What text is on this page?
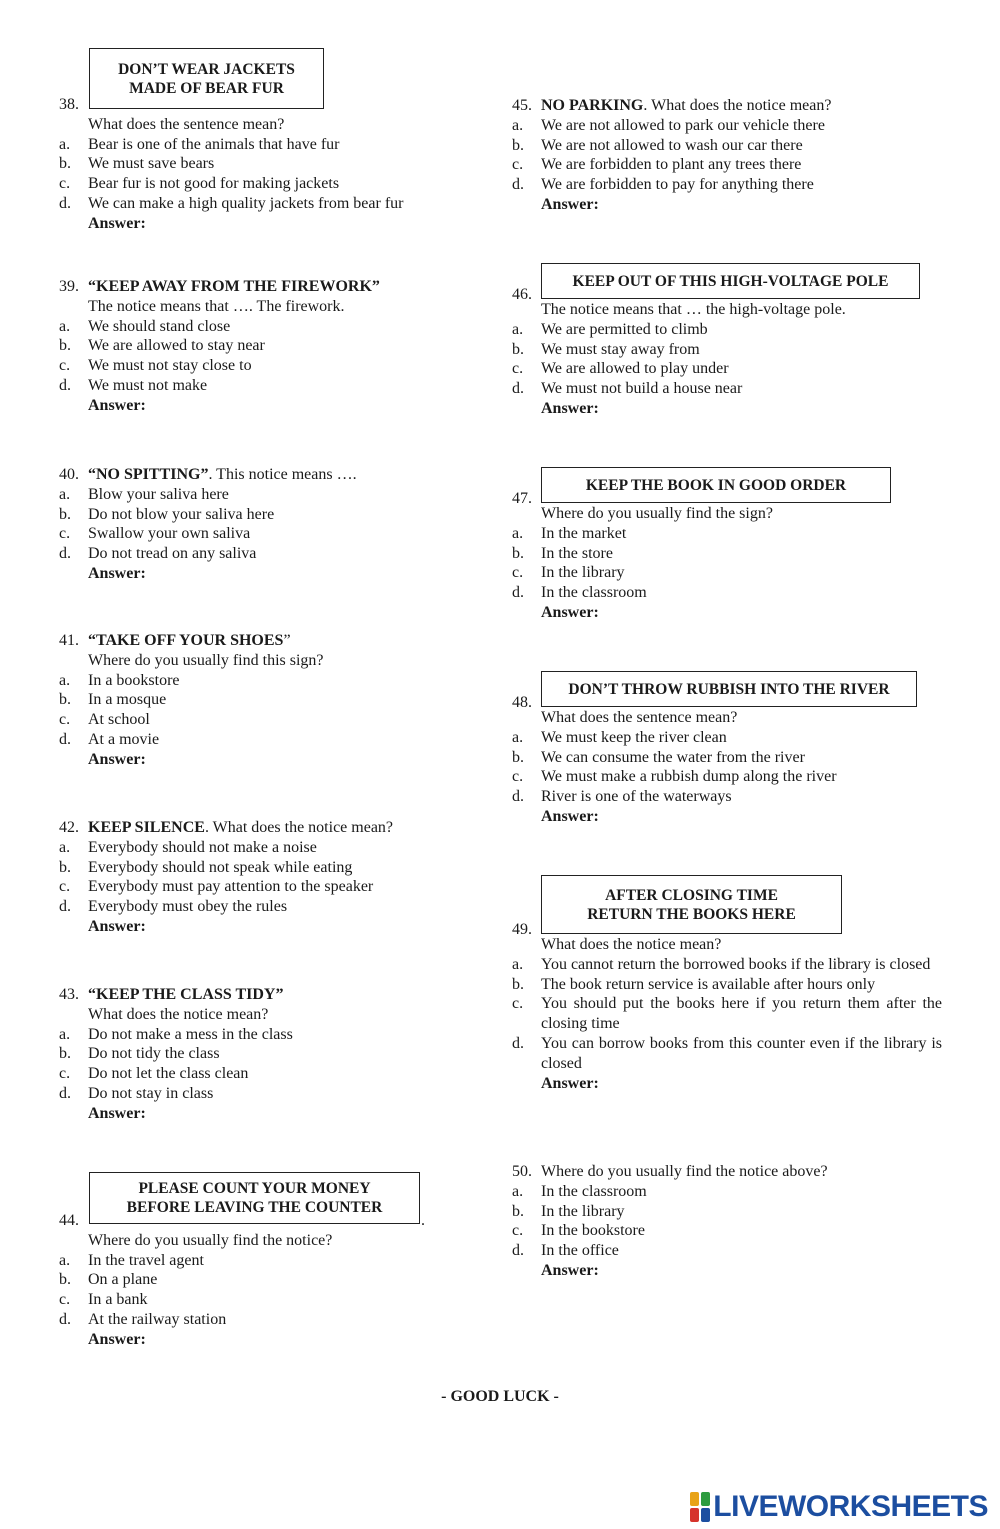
DON’T WEAR JACKETS
MADE OF BEAR FUR
38.
What does the sentence mean?
a. Bear is one of the animals that have fur
b. We must save bears
c. Bear fur is not good for making jackets
d. We can make a high quality jackets from bear fur
Answer:
39. “KEEP AWAY FROM THE FIREWORK”
The notice means that …. The firework.
a. We should stand close
b. We are allowed to stay near
c. We must not stay close to
d. We must not make
Answer:
40. “NO SPITTING”. This notice means ….
a. Blow your saliva here
b. Do not blow your saliva here
c. Swallow your own saliva
d. Do not tread on any saliva
Answer:
41. “TAKE OFF YOUR SHOES”
Where do you usually find this sign?
a. In a bookstore
b. In a mosque
c. At school
d. At a movie
Answer:
42. KEEP SILENCE. What does the notice mean?
a. Everybody should not make a noise
b. Everybody should not speak while eating
c. Everybody must pay attention to the speaker
d. Everybody must obey the rules
Answer:
43. “KEEP THE CLASS TIDY”
What does the notice mean?
a. Do not make a mess in the class
b. Do not tidy the class
c. Do not let the class clean
d. Do not stay in class
Answer:
PLEASE COUNT YOUR MONEY
BEFORE LEAVING THE COUNTER
.
44.
Where do you usually find the notice?
a. In the travel agent
b. On a plane
c. In a bank
d. At the railway station
Answer:
45. NO PARKING. What does the notice mean?
a. We are not allowed to park our vehicle there
b. We are not allowed to wash our car there
c. We are forbidden to plant any trees there
d. We are forbidden to pay for anything there
Answer:
KEEP OUT OF THIS HIGH-VOLTAGE POLE
46.
The notice means that … the high-voltage pole.
a. We are permitted to climb
b. We must stay away from
c. We are allowed to play under
d. We must not build a house near
Answer:
KEEP THE BOOK IN GOOD ORDER
47.
Where do you usually find the sign?
a. In the market
b. In the store
c. In the library
d. In the classroom
Answer:
DON’T THROW RUBBISH INTO THE RIVER
48.
What does the sentence mean?
a. We must keep the river clean
b. We can consume the water from the river
c. We must make a rubbish dump along the river
d. River is one of the waterways
Answer:
AFTER CLOSING TIME
RETURN THE BOOKS HERE
49.
What does the notice mean?
a. You cannot return the borrowed books if the library is closed
b. The book return service is available after hours only
c. You should put the books here if you return them after the closing time
d. You can borrow books from this counter even if the library is closed
Answer:
50. Where do you usually find the notice above?
a. In the classroom
b. In the library
c. In the bookstore
d. In the office
Answer:
- GOOD LUCK -
LIVEWORKSHEETS
